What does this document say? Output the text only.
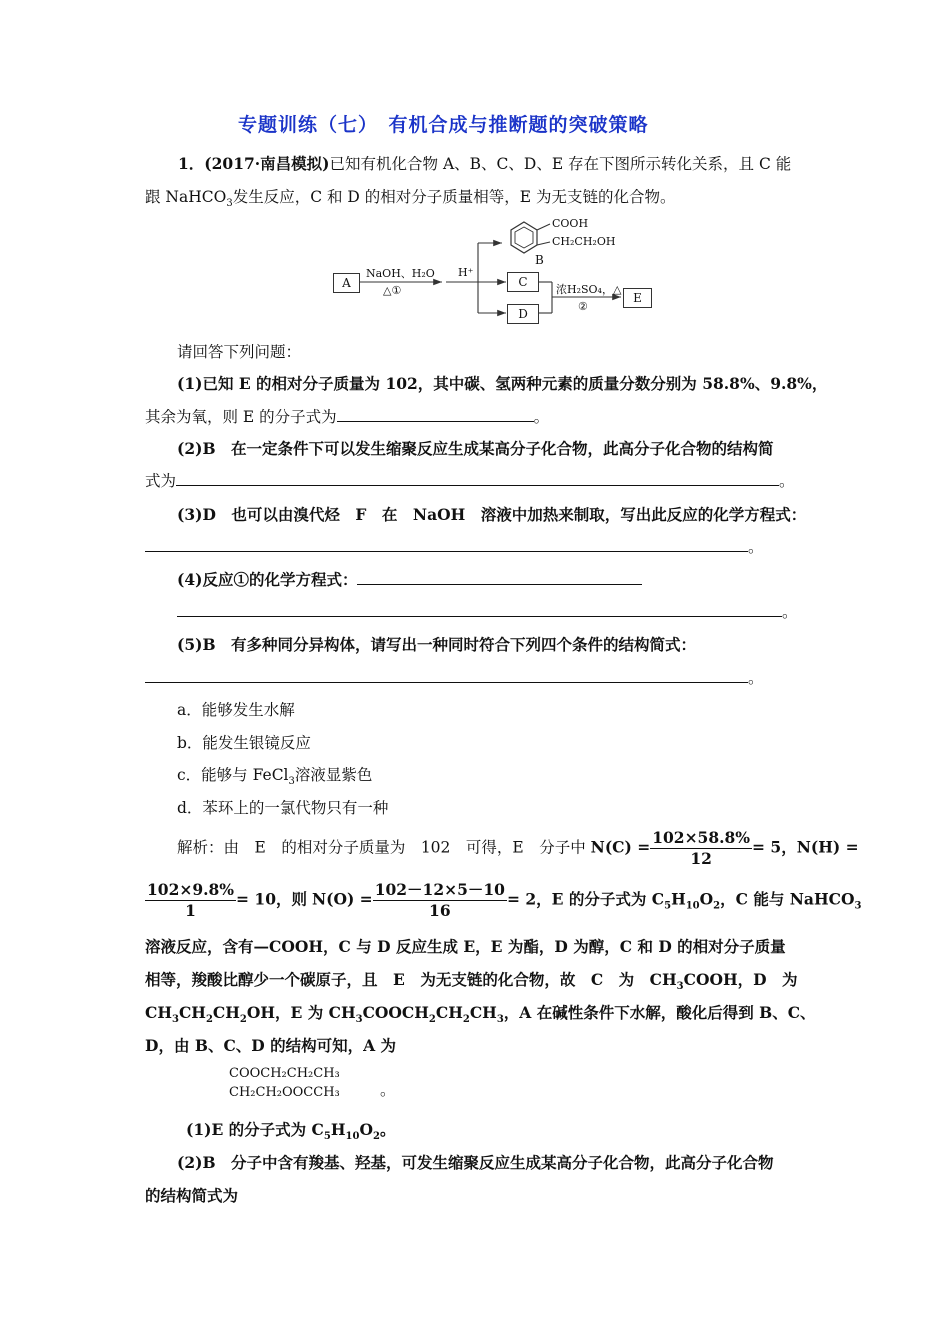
专题训练（七）　有机合成与推断题的突破策略
1．(2017·南昌模拟)已知有机化合物 A、B、C、D、E 存在下图所示转化关系，且 C 能
跟 NaHCO$_3$发生反应，C 和 D 的相对分子质量相等，E 为无支链的化合物。
A	C
D
E
NaOH、H₂O
△①
H⁺
浓H₂SO₄，△
②
COOH
CH₂CH₂OH
B
请回答下列问题：
(1)已知 E 的相对分子质量为 102，其中碳、氢两种元素的质量分数分别为 58.8%、9.8%，
其余为氧，则 E 的分子式为	。
(2)B　在一定条件下可以发生缩聚反应生成某高分子化合物，此高分子化合物的结构简
式为	。
(3)D　也可以由溴代烃　F　在　NaOH　溶液中加热来制取，写出此反应的化学方程式：
。
(4)反应①的化学方程式：
。
(5)B　有多种同分异构体，请写出一种同时符合下列四个条件的结构简式：
。
a．能够发生水解
b．能发生银镜反应
c．能够与 FeCl$_3$溶液显紫色
d．苯环上的一氯代物只有一种
解析：由　E　的相对分子质量为　102　可得，E　分子中 $N(C) = \frac{102\times 58.8\%}{12} = 5$，N(H) =
$\frac{102\times 9.8\%}{1} = 10$，则 $N(O) = \frac{102-12\times 5-10}{16} = 2$，E 的分子式为 $C_5H_{10}O_2$，C 能与 NaHCO$_3$
溶液反应，含有—COOH，C 与 D 反应生成 E，E 为酯，D 为醇，C 和 D 的相对分子质量
相等，羧酸比醇少一个碳原子，且　E　为无支链的化合物，故　C　为　$CH_3COOH$，D　为
$CH_3CH_2CH_2OH$，E 为 $CH_3COOCH_2CH_2CH_3$，A 在碱性条件下水解，酸化后得到 B、C、
D，由 B、C、D 的结构可知，A 为
COOCH₂CH₂CH₃
CH₂CH₂OOCCH₃	。
(1)E 的分子式为 $C_5H_{10}O_2$。
(2)B　分子中含有羧基、羟基，可发生缩聚反应生成某高分子化合物，此高分子化合物
的结构简式为
